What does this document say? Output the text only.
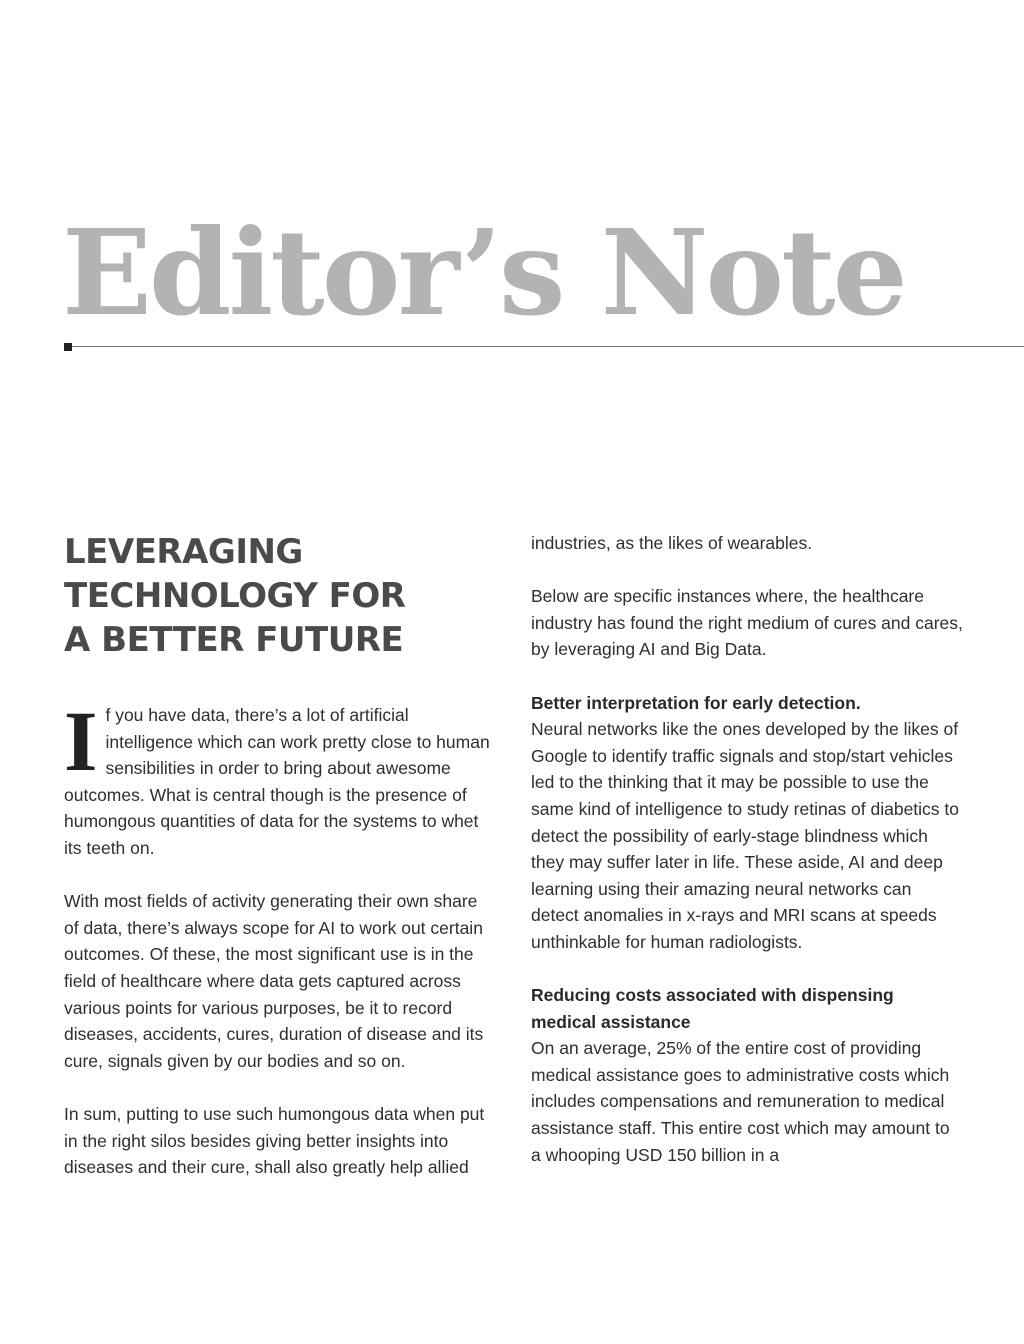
Editor’s Note
LEVERAGING
TECHNOLOGY FOR
A BETTER FUTURE

If you have data, there’s a lot of artificial intelligence which can work pretty close to human sensibilities in order to bring about awesome outcomes. What is central though is the presence of humongous quantities of data for the systems to whet its teeth on.

With most fields of activity generating their own share of data, there’s always scope for AI to work out certain outcomes. Of these, the most significant use is in the field of healthcare where data gets captured across various points for various purposes, be it to record diseases, accidents, cures, duration of disease and its cure, signals given by our bodies and so on.

In sum, putting to use such humongous data when put in the right silos besides giving better insights into diseases and their cure, shall also greatly help allied

industries, as the likes of wearables.

Below are specific instances where, the healthcare industry has found the right medium of cures and cares, by leveraging AI and Big Data.

Better interpretation for early detection.
Neural networks like the ones developed by the likes of Google to identify traffic signals and stop/start vehicles led to the thinking that it may be possible to use the same kind of intelligence to study retinas of diabetics to detect the possibility of early-stage blindness which they may suffer later in life. These aside, AI and deep learning using their amazing neural networks can detect anomalies in x-rays and MRI scans at speeds unthinkable for human radiologists.

Reducing costs associated with dispensing medical assistance
On an average, 25% of the entire cost of providing medical assistance goes to administrative costs which includes compensations and remuneration to medical assistance staff. This entire cost which may amount to a whooping USD 150 billion in a
